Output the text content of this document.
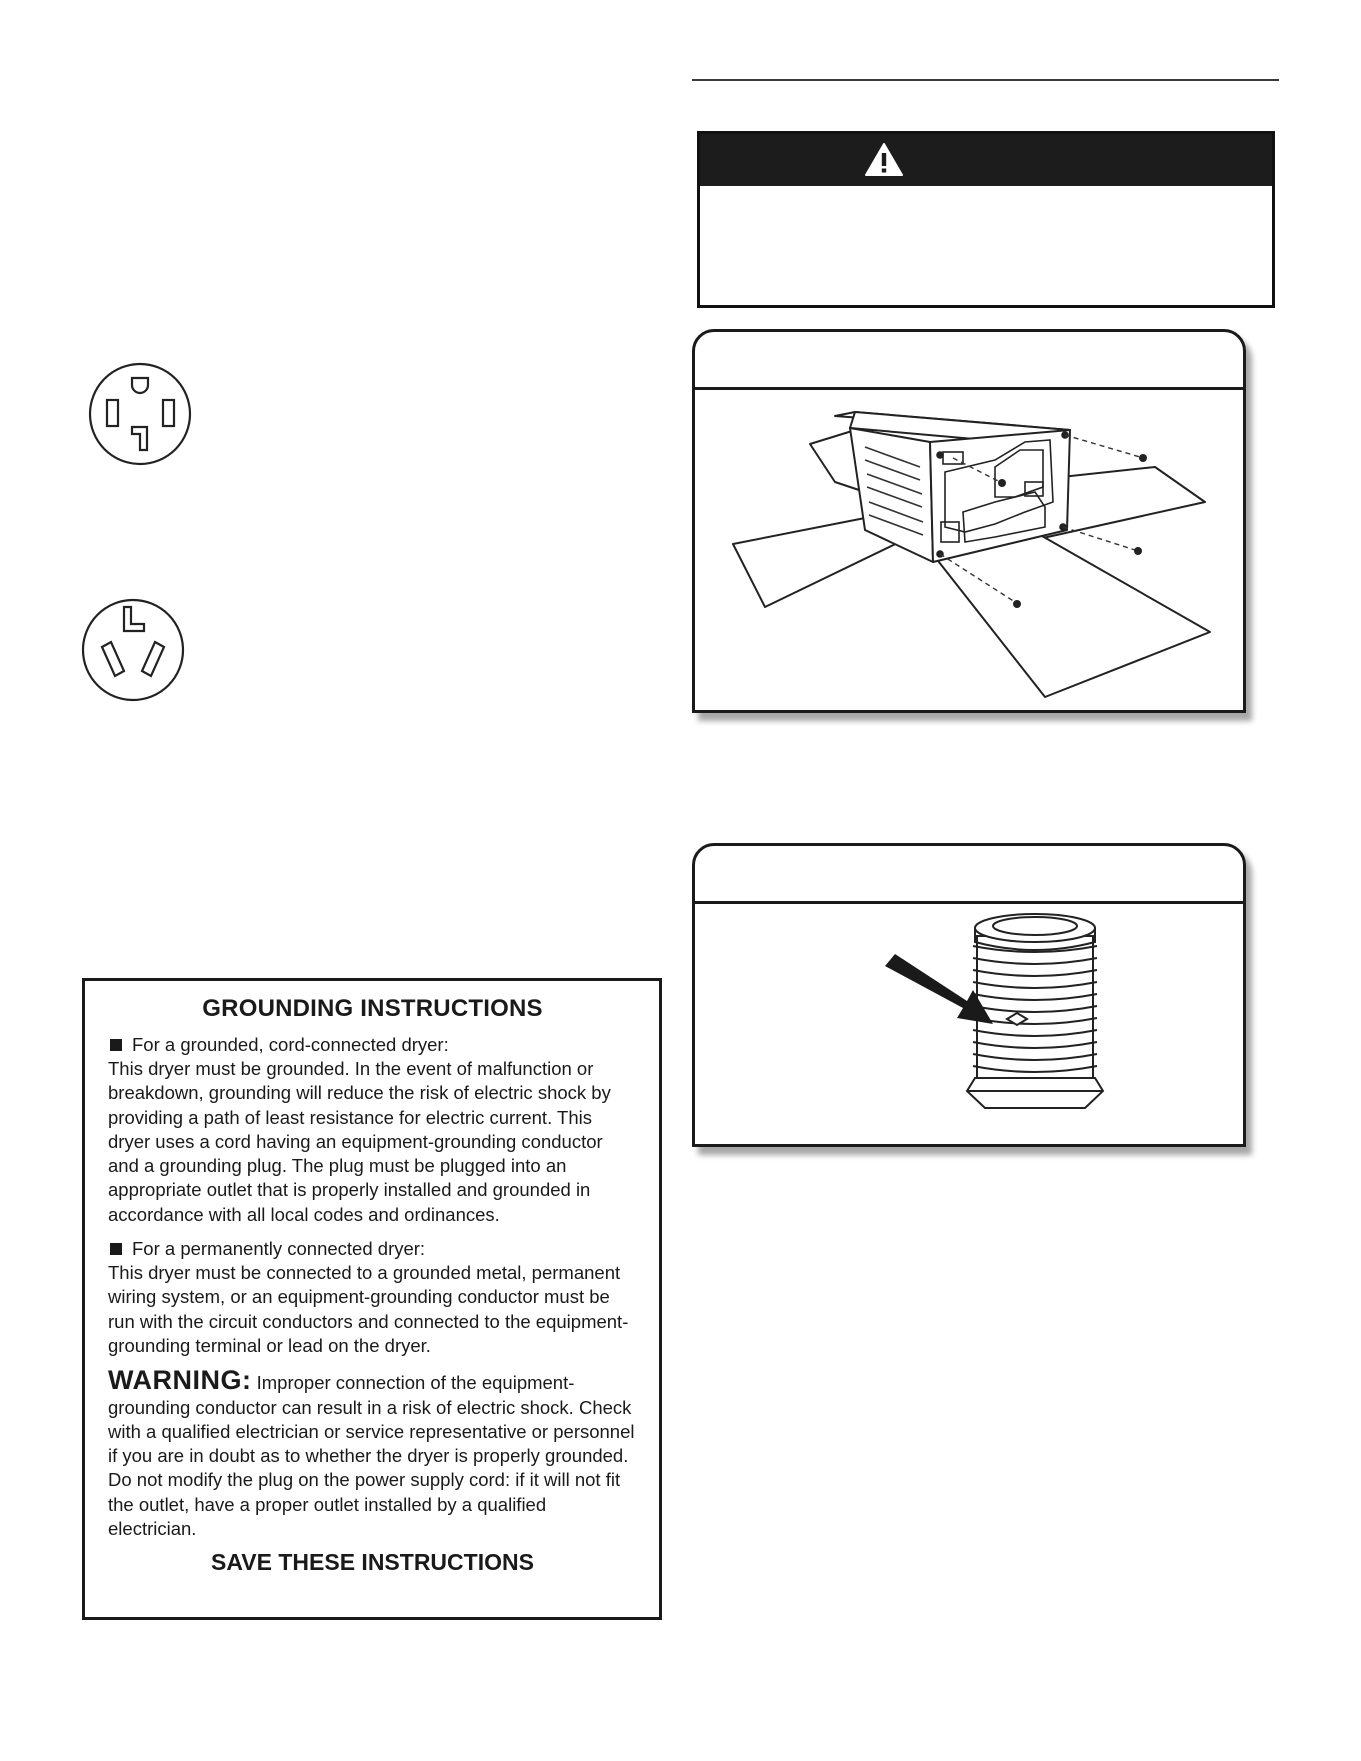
GROUNDING INSTRUCTIONS

For a grounded, cord-connected dryer:

This dryer must be grounded. In the event of malfunction or breakdown, grounding will reduce the risk of electric shock by providing a path of least resistance for electric current. This dryer uses a cord having an equipment-grounding conductor and a grounding plug. The plug must be plugged into an appropriate outlet that is properly installed and grounded in accordance with all local codes and ordinances.

For a permanently connected dryer:

This dryer must be connected to a grounded metal, permanent wiring system, or an equipment-grounding conductor must be run with the circuit conductors and connected to the equipment-grounding terminal or lead on the dryer.

WARNING: Improper connection of the equipment-grounding conductor can result in a risk of electric shock. Check with a qualified electrician or service representative or personnel if you are in doubt as to whether the dryer is properly grounded. Do not modify the plug on the power supply cord: if it will not fit the outlet, have a proper outlet installed by a qualified electrician.

SAVE THESE INSTRUCTIONS
